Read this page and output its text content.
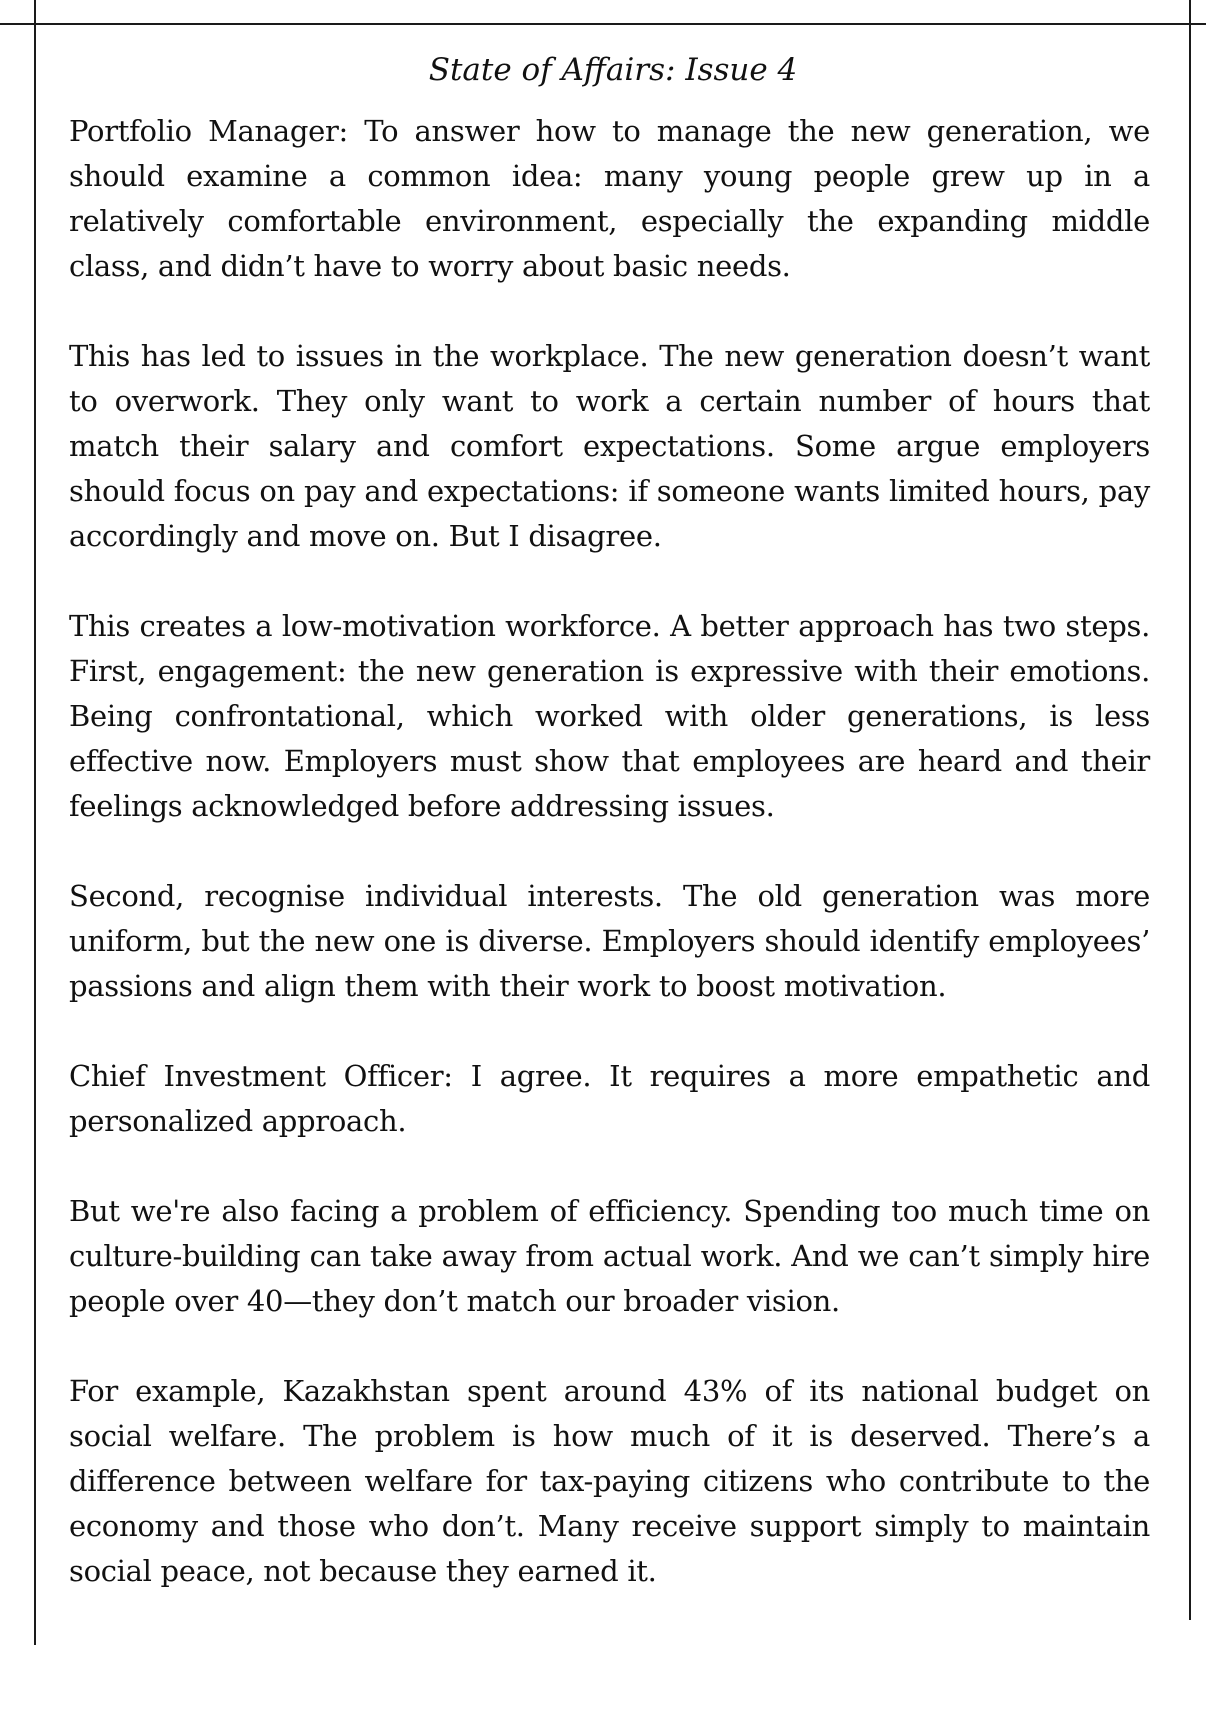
State of Affairs: Issue 4

Portfolio Manager: To answer how to manage the new generation, we should examine a common idea: many young people grew up in a relatively comfortable environment, especially the expanding middle class, and didn’t have to worry about basic needs.

This has led to issues in the workplace. The new generation doesn’t want to overwork. They only want to work a certain number of hours that match their salary and comfort expectations. Some argue employers should focus on pay and expectations: if someone wants limited hours, pay accordingly and move on. But I disagree.

This creates a low-motivation workforce. A better approach has two steps. First, engagement: the new generation is expressive with their emotions. Being confrontational, which worked with older generations, is less effective now. Employers must show that employees are heard and their feelings acknowledged before addressing issues.

Second, recognise individual interests. The old generation was more uniform, but the new one is diverse. Employers should identify employees’ passions and align them with their work to boost motivation.

Chief Investment Officer: I agree. It requires a more empathetic and personalized approach.

But we're also facing a problem of efficiency. Spending too much time on culture-building can take away from actual work. And we can’t simply hire people over 40—they don’t match our broader vision.

For example, Kazakhstan spent around 43% of its national budget on social welfare. The problem is how much of it is deserved. There’s a difference between welfare for tax-paying citizens who contribute to the economy and those who don’t. Many receive support simply to maintain social peace, not because they earned it.
